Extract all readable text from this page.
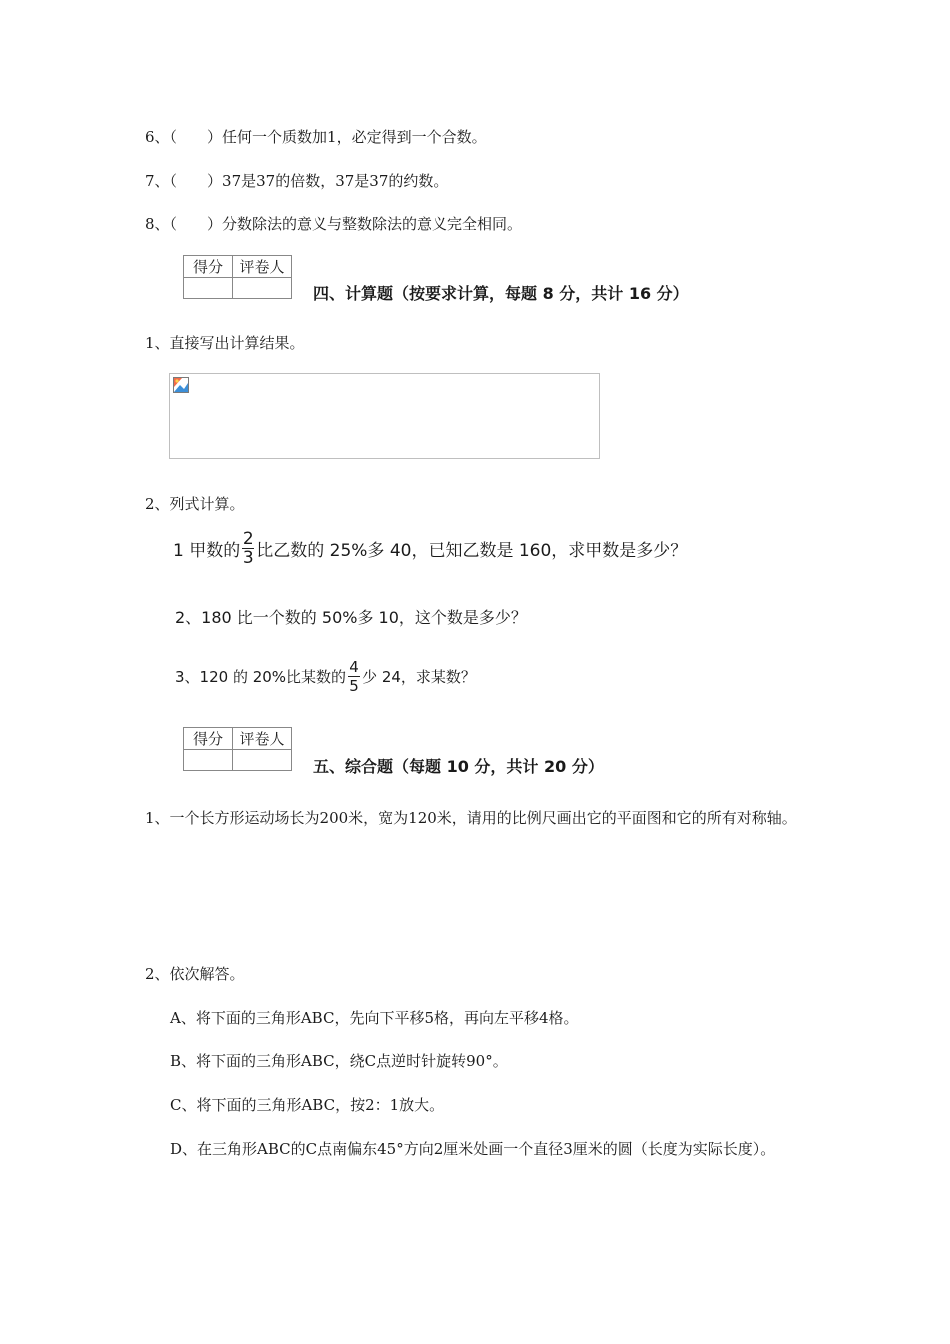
6、（　　）任何一个质数加1，必定得到一个合数。
7、（　　）37是37的倍数，37是37的约数。
8、（　　）分数除法的意义与整数除法的意义完全相同。
得分	评卷人

四、计算题（按要求计算，每题 8 分，共计 16 分）
1、直接写出计算结果。
2、列式计算。
1 甲数的 $\frac{2}{3}$ 比乙数的 25%多 40，已知乙数是 160，求甲数是多少？
2、180 比一个数的 50%多 10，这个数是多少？
3、120 的 20%比某数的 $\frac{4}{5}$ 少 24，求某数？
得分	评卷人

五、综合题（每题 10 分，共计 20 分）
1、一个长方形运动场长为200米，宽为120米，请用的比例尺画出它的平面图和它的所有对称轴。
2、依次解答。
A、将下面的三角形ABC，先向下平移5格，再向左平移4格。
B、将下面的三角形ABC，绕C点逆时针旋转90°。
C、将下面的三角形ABC，按2：1放大。
D、在三角形ABC的C点南偏东45°方向2厘米处画一个直径3厘米的圆（长度为实际长度）。
